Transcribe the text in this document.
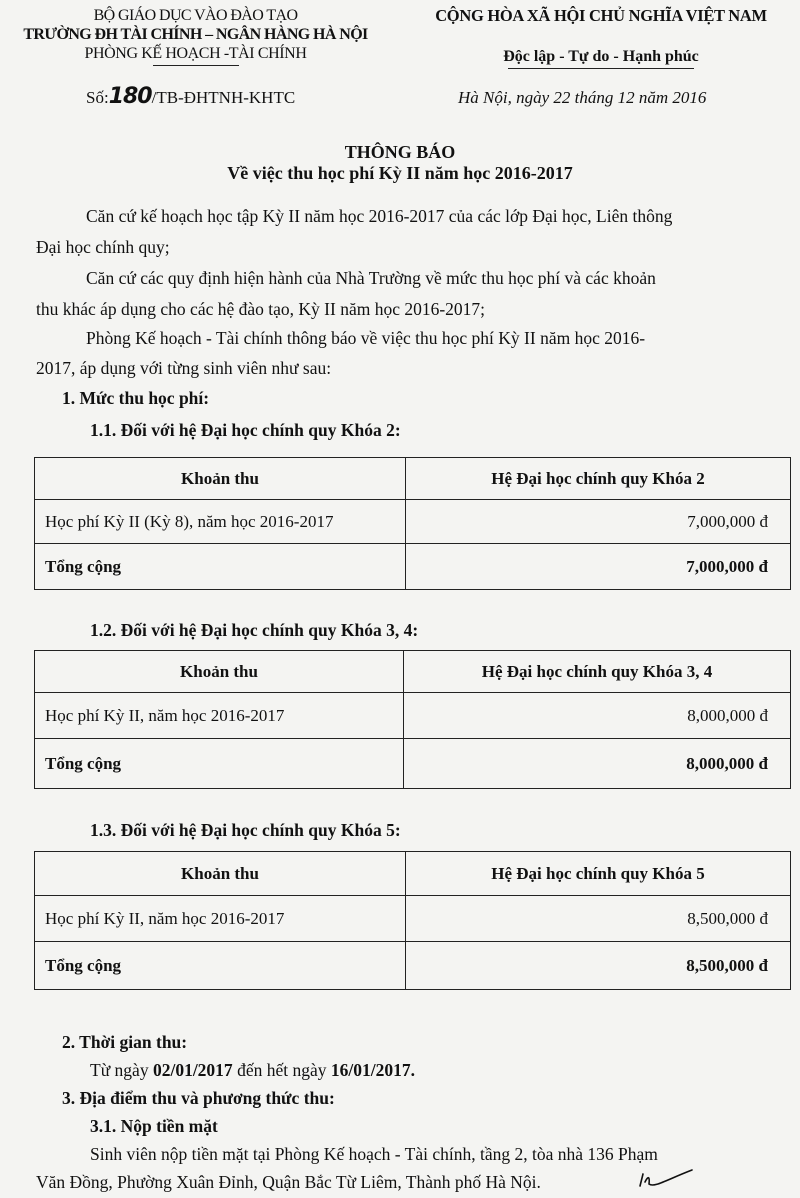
BỘ GIÁO DỤC VÀO ĐÀO TẠO
TRƯỜNG ĐH TÀI CHÍNH – NGÂN HÀNG HÀ NỘI
PHÒNG KẾ HOẠCH -TÀI CHÍNH
CỘNG HÒA XÃ HỘI CHỦ NGHĨA VIỆT NAM
Độc lập - Tự do - Hạnh phúc
Số:180/TB-ĐHTNH-KHTC	Hà Nội, ngày 22 tháng 12 năm 2016
THÔNG BÁO
Về việc thu học phí Kỳ II năm học 2016-2017
Căn cứ kế hoạch học tập Kỳ II năm học 2016-2017 của các lớp Đại học, Liên thông
Đại học chính quy;
Căn cứ các quy định hiện hành của Nhà Trường về mức thu học phí và các khoản
thu khác áp dụng cho các hệ đào tạo, Kỳ II năm học 2016-2017;
Phòng Kế hoạch - Tài chính thông báo về việc thu học phí Kỳ II năm học 2016-
2017, áp dụng với từng sinh viên như sau:
1. Mức thu học phí:
1.1. Đối với hệ Đại học chính quy Khóa 2:
Khoản thu	Hệ Đại học chính quy Khóa 2
Học phí Kỳ II (Kỳ 8), năm học 2016-2017	7,000,000 đ
Tổng cộng	7,000,000 đ
1.2. Đối với hệ Đại học chính quy Khóa 3, 4:
Khoản thu	Hệ Đại học chính quy Khóa 3, 4
Học phí Kỳ II, năm học 2016-2017	8,000,000 đ
Tổng cộng	8,000,000 đ
1.3. Đối với hệ Đại học chính quy Khóa 5:
Khoản thu	Hệ Đại học chính quy Khóa 5
Học phí Kỳ II, năm học 2016-2017	8,500,000 đ
Tổng cộng	8,500,000 đ
2. Thời gian thu:
Từ ngày 02/01/2017 đến hết ngày 16/01/2017.
3. Địa điểm thu và phương thức thu:
3.1. Nộp tiền mặt
Sinh viên nộp tiền mặt tại Phòng Kế hoạch - Tài chính, tầng 2, tòa nhà 136 Phạm
Văn Đồng, Phường Xuân Đỉnh, Quận Bắc Từ Liêm, Thành phố Hà Nội.
